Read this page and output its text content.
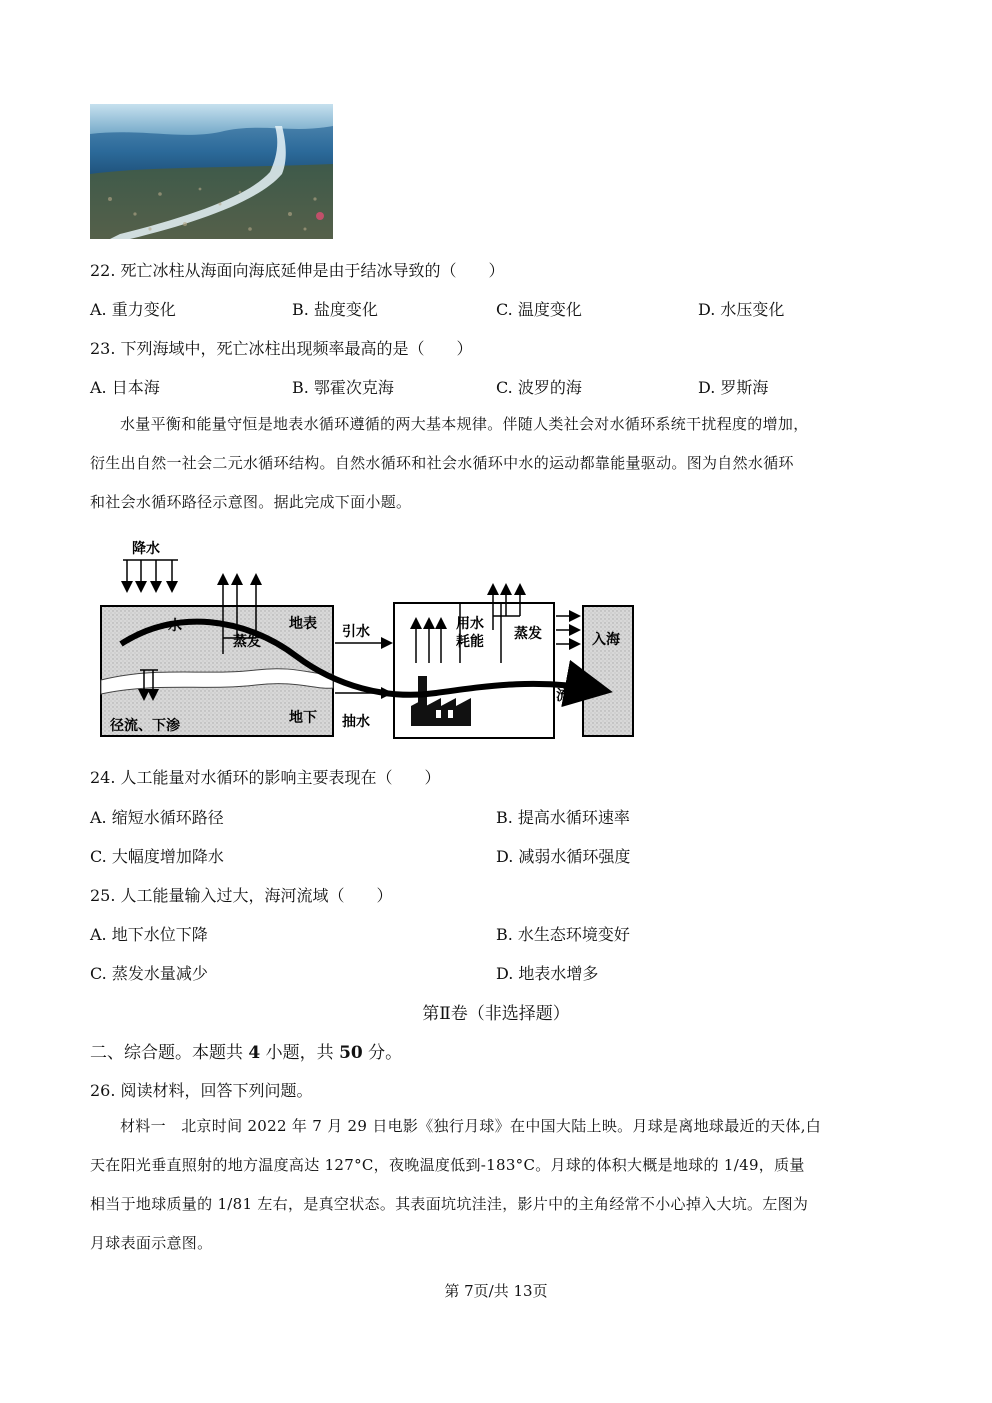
22. 死亡冰柱从海面向海底延伸是由于结冰导致的（　　）
A. 重力变化	B. 盐度变化	C. 温度变化	D. 水压变化
23. 下列海域中，死亡冰柱出现频率最高的是（　　）
A. 日本海	B. 鄂霍次克海	C. 波罗的海	D. 罗斯海
水量平衡和能量守恒是地表水循环遵循的两大基本规律。伴随人类社会对水循环系统干扰程度的增加，
衍生出自然一社会二元水循环结构。自然水循环和社会水循环中水的运动都靠能量驱动。图为自然水循环
和社会水循环路径示意图。据此完成下面小题。
降水
水
蒸发
地表
地下
径流、下渗
引水
抽水
用水
耗能 蒸发
流
入海
24. 人工能量对水循环的影响主要表现在（　　）
A. 缩短水循环路径	B. 提高水循环速率
C. 大幅度增加降水	D. 减弱水循环强度
25. 人工能量输入过大，海河流域（　　）
A. 地下水位下降	B. 水生态环境变好
C. 蒸发水量减少	D. 地表水增多
第Ⅱ卷（非选择题）
二、综合题。本题共 4 小题，共 50 分。
26. 阅读材料，回答下列问题。
材料一　北京时间 2022 年 7 月 29 日电影《独行月球》在中国大陆上映。月球是离地球最近的天体,白
天在阳光垂直照射的地方温度高达 127°C，夜晚温度低到-183°C。月球的体积大概是地球的 1/49，质量
相当于地球质量的 1/81 左右，是真空状态。其表面坑坑洼洼，影片中的主角经常不小心掉入大坑。左图为
月球表面示意图。
第 7页/共 13页
